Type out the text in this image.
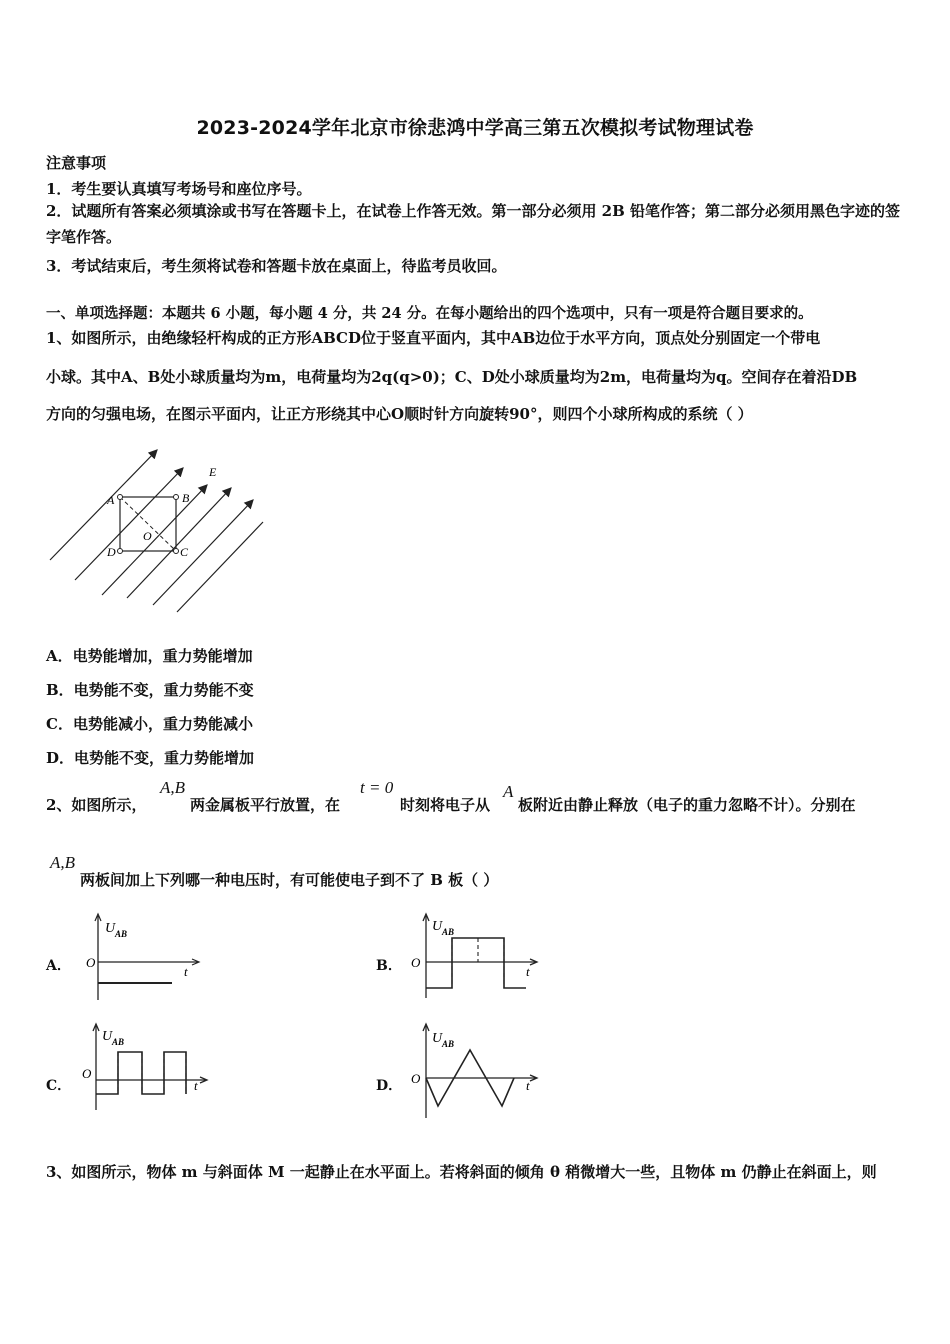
2023-2024学年北京市徐悲鸿中学高三第五次模拟考试物理试卷
注意事项
1．考生要认真填写考场号和座位序号。
2．试题所有答案必须填涂或书写在答题卡上，在试卷上作答无效。第一部分必须用 2B 铅笔作答；第二部分必须用黑色字迹的签字笔作答。
3．考试结束后，考生须将试卷和答题卡放在桌面上，待监考员收回。
一、单项选择题：本题共 6 小题，每小题 4 分，共 24 分。在每小题给出的四个选项中，只有一项是符合题目要求的。
1、如图所示，由绝缘轻杆构成的正方形ABCD位于竖直平面内，其中AB边位于水平方向，顶点处分别固定一个带电
小球。其中A、B处小球质量均为m，电荷量均为2q(q>0)；C、D处小球质量均为2m，电荷量均为q。空间存在着沿DB
方向的匀强电场，在图示平面内，让正方形绕其中心O顺时针方向旋转90°，则四个小球所构成的系统（ ）
A	B
C
D
O
E
A．电势能增加，重力势能增加
B．电势能不变，重力势能不变
C．电势能减小，重力势能减小
D．电势能不变，重力势能增加
2、如图所示，
A,B
两金属板平行放置，在
t = 0
时刻将电子从
A
板附近由静止释放（电子的重力忽略不计）。分别在
A,B
两板间加上下列哪一种电压时，有可能使电子到不了 B 板（ ）
A．	B．
C．	D．
U AB
O
t
U AB
O
t
U AB
O
t
U AB
O	t
3、如图所示，物体 m 与斜面体 M 一起静止在水平面上。若将斜面的倾角 θ 稍微增大一些，且物体 m 仍静止在斜面上，则
